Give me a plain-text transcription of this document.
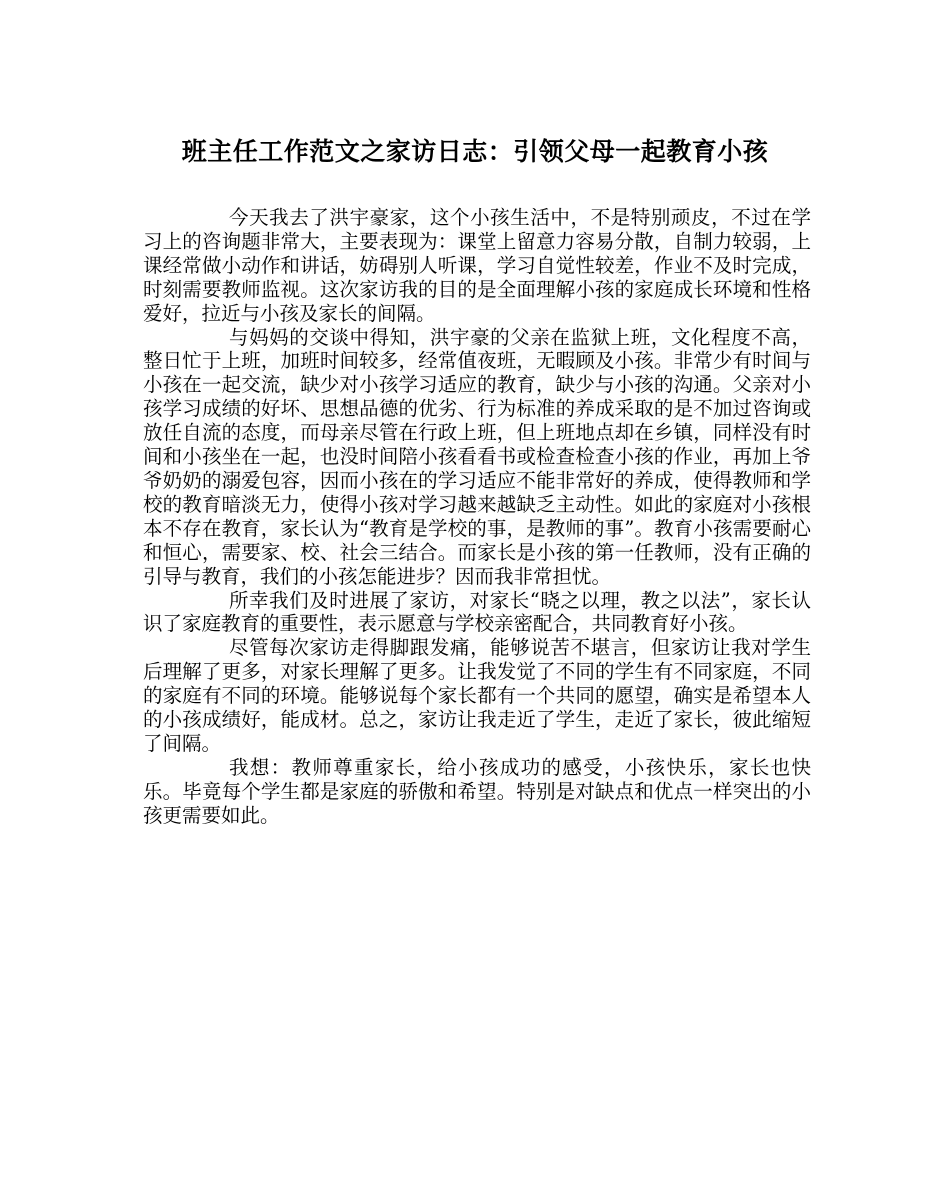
班主任工作范文之家访日志：引领父母一起教育小孩

今天我去了洪宇豪家，这个小孩生活中，不是特别顽皮，不过在学习上的咨询题非常大，主要表现为：课堂上留意力容易分散，自制力较弱，上课经常做小动作和讲话，妨碍别人听课，学习自觉性较差，作业不及时完成，时刻需要教师监视。这次家访我的目的是全面理解小孩的家庭成长环境和性格爱好，拉近与小孩及家长的间隔。

与妈妈的交谈中得知，洪宇豪的父亲在监狱上班，文化程度不高，整日忙于上班，加班时间较多，经常值夜班，无暇顾及小孩。非常少有时间与小孩在一起交流，缺少对小孩学习适应的教育，缺少与小孩的沟通。父亲对小孩学习成绩的好坏、思想品德的优劣、行为标准的养成采取的是不加过咨询或放任自流的态度，而母亲尽管在行政上班，但上班地点却在乡镇，同样没有时间和小孩坐在一起，也没时间陪小孩看看书或检查检查小孩的作业，再加上爷爷奶奶的溺爱包容，因而小孩在的学习适应不能非常好的养成，使得教师和学校的教育暗淡无力，使得小孩对学习越来越缺乏主动性。如此的家庭对小孩根本不存在教育，家长认为“教育是学校的事，是教师的事”。教育小孩需要耐心和恒心，需要家、校、社会三结合。而家长是小孩的第一任教师，没有正确的引导与教育，我们的小孩怎能进步？因而我非常担忧。

所幸我们及时进展了家访，对家长“晓之以理，教之以法”，家长认识了家庭教育的重要性，表示愿意与学校亲密配合，共同教育好小孩。

尽管每次家访走得脚跟发痛，能够说苦不堪言，但家访让我对学生后理解了更多，对家长理解了更多。让我发觉了不同的学生有不同家庭，不同的家庭有不同的环境。能够说每个家长都有一个共同的愿望，确实是希望本人的小孩成绩好，能成材。总之，家访让我走近了学生，走近了家长，彼此缩短了间隔。

我想：教师尊重家长，给小孩成功的感受，小孩快乐，家长也快乐。毕竟每个学生都是家庭的骄傲和希望。特别是对缺点和优点一样突出的小孩更需要如此。
